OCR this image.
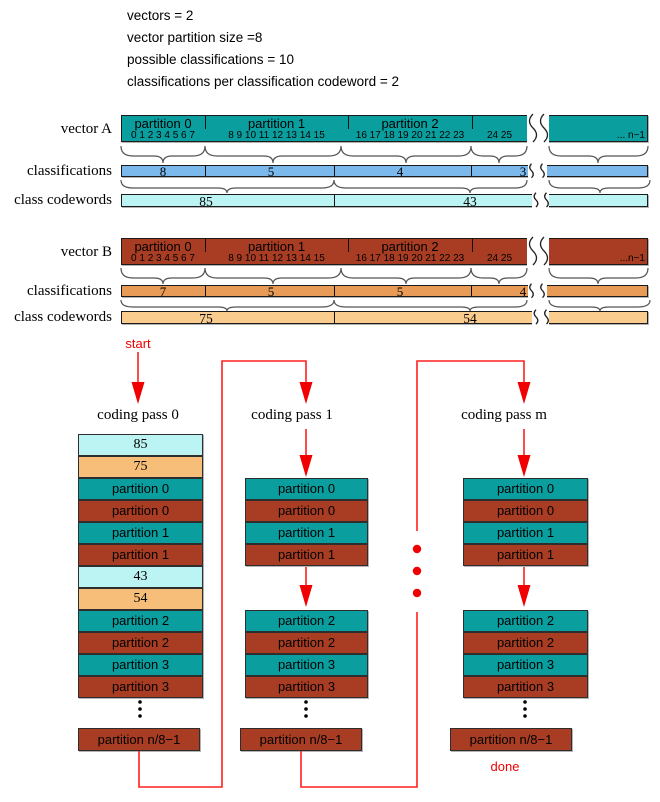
vectors = 2
vector partition size =8
possible classifications = 10
classifications per classification codeword = 2
vector A	partition 0	partition 1	partition 2
0 1 2 3 4 5 6 7	8 9 10 11 12 13 14 15	16 17 18 19 20 21 22 23	24 25	... n−1
classifications	8	5	4	3
class codewords	85	43
vector B	partition 0	partition 1	partition 2
0 1 2 3 4 5 6 7	8 9 10 11 12 13 14 15	16 17 18 19 20 21 22 23	24 25	...n−1
classifications	7	5	5	4
class codewords	75	54
start
done
coding pass 0	coding pass 1	coding pass m
85
75
partition 0
partition 0
partition 1
partition 1
43
54
partition 2
partition 2
partition 3
partition 3
partition n/8−1
partition 0
partition 0
partition 1
partition 1
partition 2
partition 2
partition 3
partition 3
partition n/8−1
partition 0
partition 0
partition 1
partition 1
partition 2
partition 2
partition 3
partition 3
partition n/8−1
